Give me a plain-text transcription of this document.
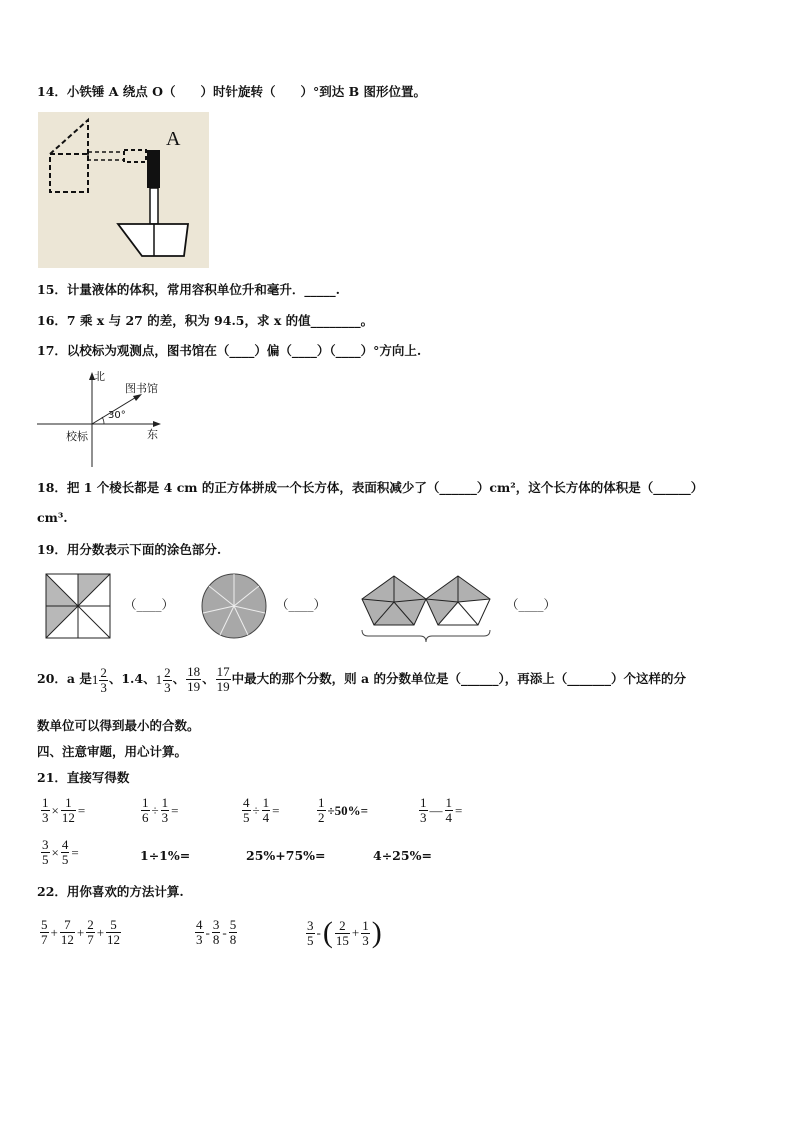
14．小铁锤 A 绕点 O（　　）时针旋转（　　）°到达 B 图形位置。
A
15．计量液体的体积，常用容积单位升和毫升．_____.
16．7 乘 x 与 27 的差，积为 94.5，求 x 的值________。
17．以校标为观测点，图书馆在（____）偏（____）（____）°方向上.
北
图书馆
30°
校标	东
18．把 1 个棱长都是 4 cm 的正方体拼成一个长方体，表面积减少了（______）cm²，这个长方体的体积是（______）
cm³.
19．用分数表示下面的涂色部分.
（____）	（____）	（____）
20．a 是$1 \frac{2}{3}$ 、1.4、$1 \frac{2}{3}$ 、 $\frac{18}{19}$ 、 $\frac{17}{19}$ 中最大的那个分数，则 a 的分数单位是（______），再添上（_______）个这样的分
数单位可以得到最小的合数。
四、注意审题，用心计算。
21．直接写得数
$\frac{1}{3} \times \frac{1}{12}$ =	$\frac{1}{6} \div \frac{1}{3}$ =	$\frac{4}{5} \div \frac{1}{4}$ =	$\frac{1}{2} \div 50\%=$	$\frac{1}{3}$ — $\frac{1}{4}$ =
$\frac{3}{5} \times \frac{4}{5}$ =	1÷1%=	25%+75%=	4÷25%=
22．用你喜欢的方法计算.
$\frac{5}{7} + \frac{7}{12} + \frac{2}{7} + \frac{5}{12}$	$\frac{4}{3} - \frac{3}{8} - \frac{5}{8}$	$\frac{3}{5}$ -( $\frac{2}{15} + \frac{1}{3}$ )
